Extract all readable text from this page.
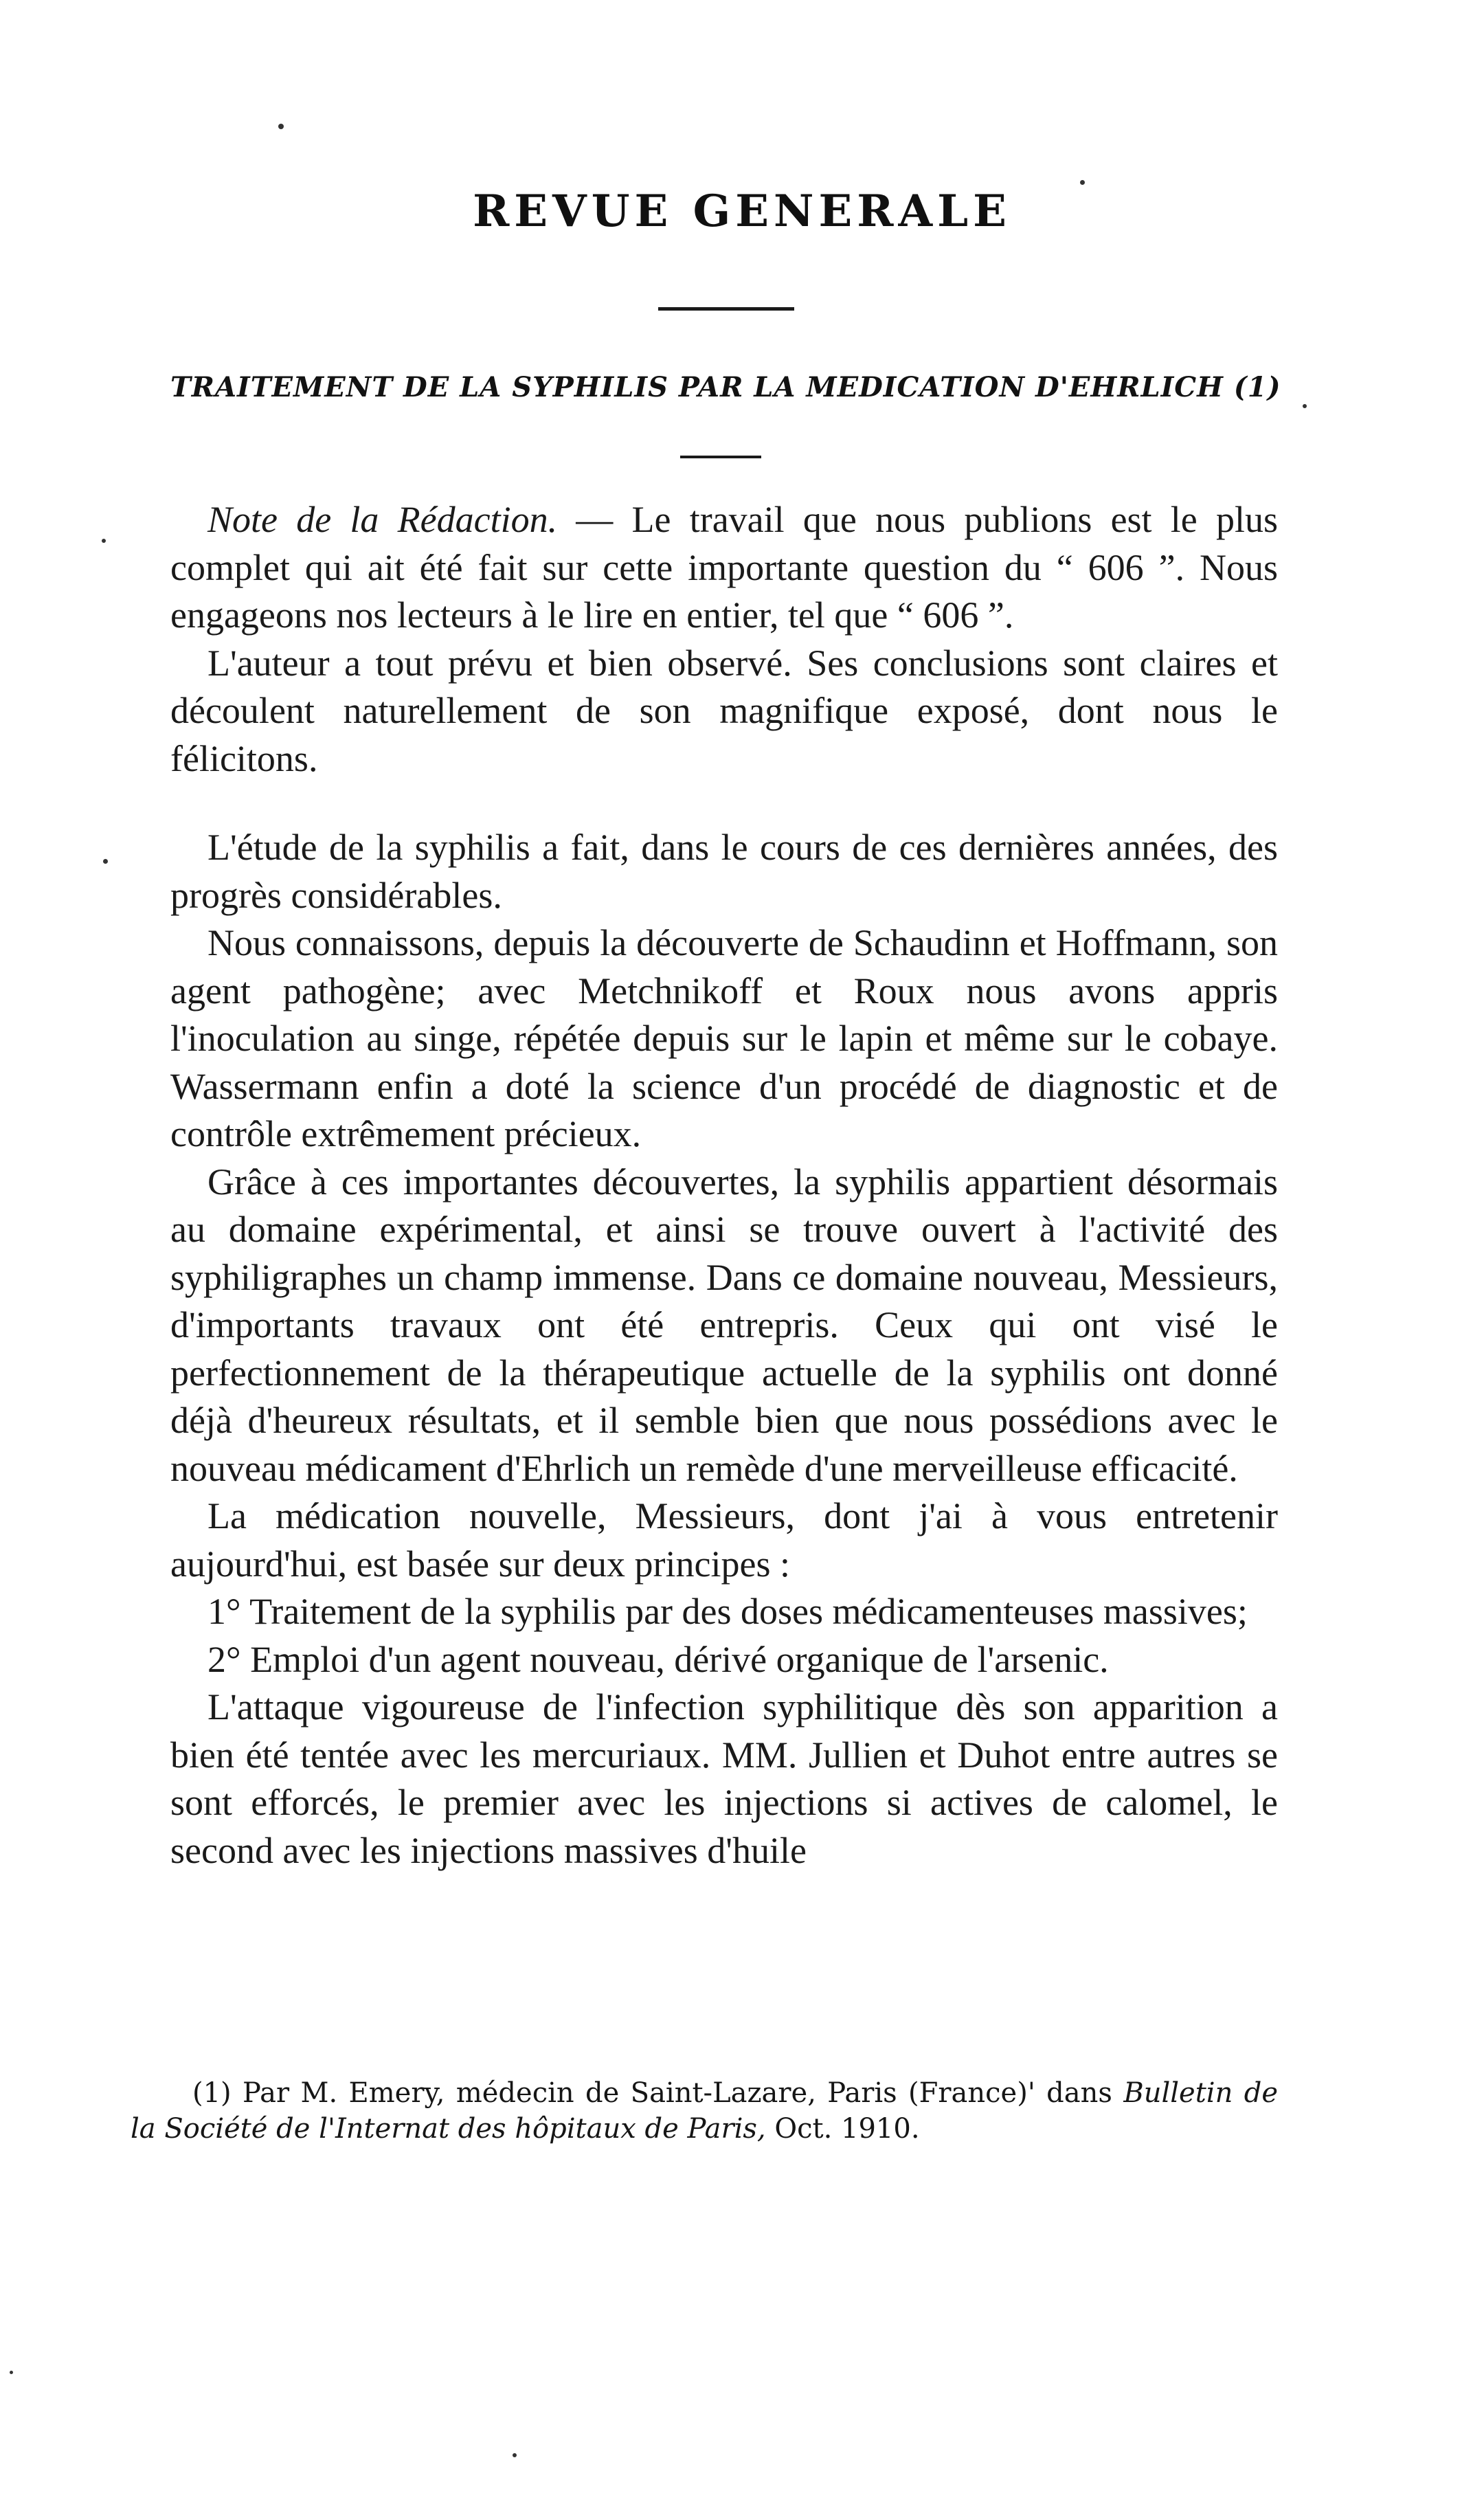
REVUE GENERALE
TRAITEMENT DE LA SYPHILIS PAR LA MEDICATION D'EHRLICH (1)

Note de la Rédaction. — Le travail que nous publions est le plus complet qui ait été fait sur cette importante question du “ 606 ”. Nous engageons nos lecteurs à le lire en entier, tel que “ 606 ”.

L'auteur a tout prévu et bien observé. Ses conclusions sont claires et découlent naturellement de son magnifique exposé, dont nous le félicitons.

L'étude de la syphilis a fait, dans le cours de ces dernières années, des progrès considérables.

Nous connaissons, depuis la découverte de Schaudinn et Hoffmann, son agent pathogène; avec Metchnikoff et Roux nous avons appris l'inoculation au singe, répétée depuis sur le lapin et même sur le cobaye. Wassermann enfin a doté la science d'un procédé de diagnostic et de contrôle extrêmement précieux.

Grâce à ces importantes découvertes, la syphilis appartient désormais au domaine expérimental, et ainsi se trouve ouvert à l'activité des syphiligraphes un champ immense. Dans ce domaine nouveau, Messieurs, d'importants travaux ont été entrepris. Ceux qui ont visé le perfectionnement de la thérapeutique actuelle de la syphilis ont donné déjà d'heureux résultats, et il semble bien que nous possédions avec le nouveau médicament d'Ehrlich un remède d'une merveilleuse efficacité.

La médication nouvelle, Messieurs, dont j'ai à vous entretenir aujourd'hui, est basée sur deux principes :

1° Traitement de la syphilis par des doses médicamenteuses massives;

2° Emploi d'un agent nouveau, dérivé organique de l'arsenic.

L'attaque vigoureuse de l'infection syphilitique dès son apparition a bien été tentée avec les mercuriaux. MM. Jullien et Duhot entre autres se sont efforcés, le premier avec les injections si actives de calomel, le second avec les injections massives d'huile

(1) Par M. Emery, médecin de Saint-Lazare, Paris (France)' dans Bulletin de la Société de l'Internat des hôpitaux de Paris, Oct. 1910.
